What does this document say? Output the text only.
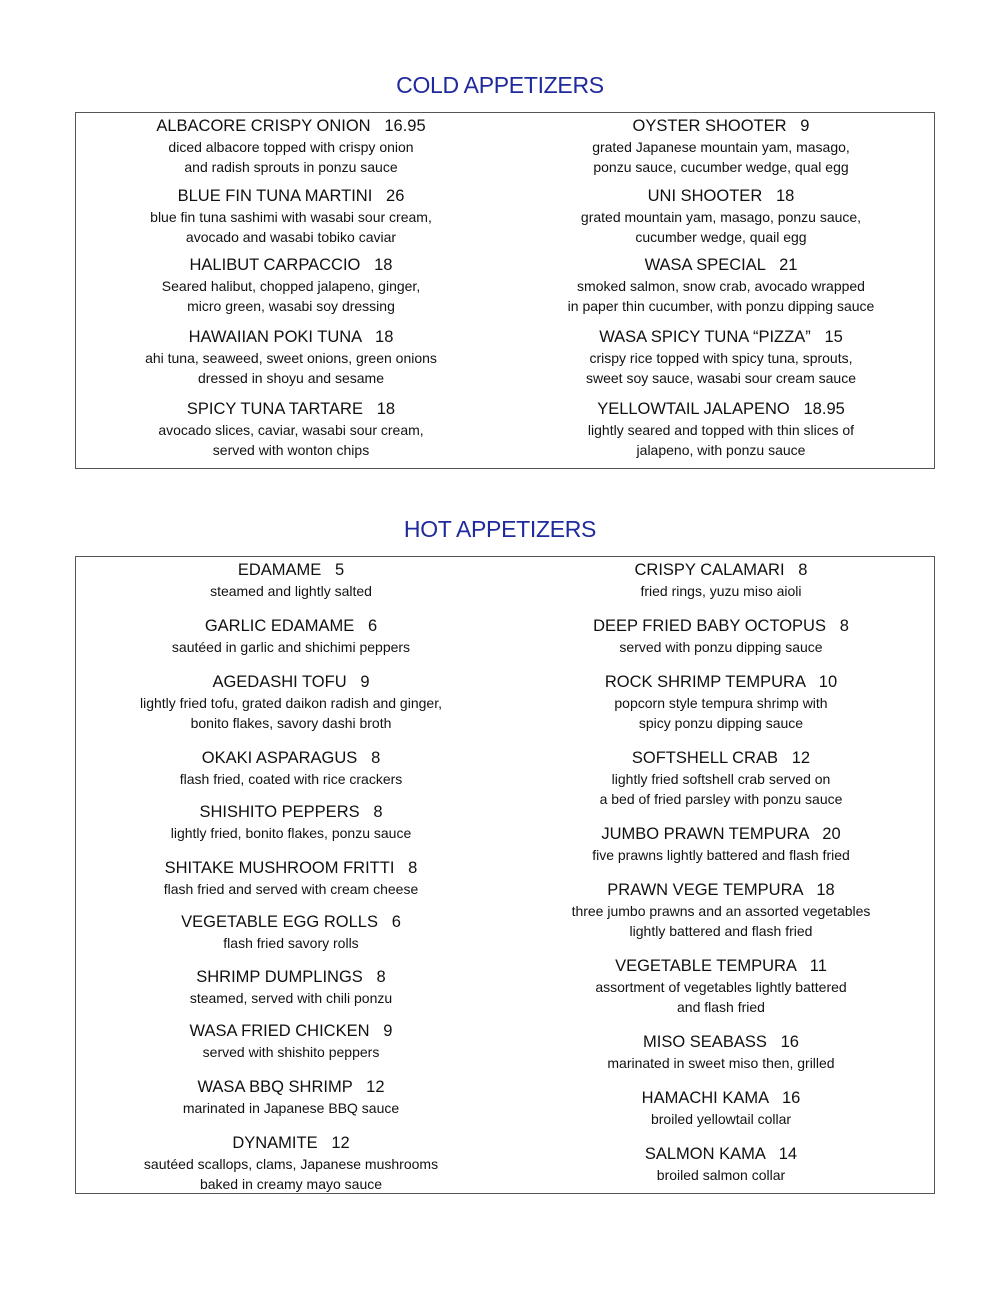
COLD APPETIZERS
ALBACORE CRISPY ONION   16.95
diced albacore topped with crispy onion
and radish sprouts in ponzu sauce
BLUE FIN TUNA MARTINI   26
blue fin tuna sashimi with wasabi sour cream,
avocado and wasabi tobiko caviar
HALIBUT CARPACCIO   18
Seared halibut, chopped jalapeno, ginger,
micro green, wasabi soy dressing
HAWAIIAN POKI TUNA   18
ahi tuna, seaweed, sweet onions, green onions
dressed in shoyu and sesame
SPICY TUNA TARTARE   18
avocado slices, caviar, wasabi sour cream,
served with wonton chips
OYSTER SHOOTER   9
grated Japanese mountain yam, masago,
ponzu sauce, cucumber wedge, qual egg
UNI SHOOTER   18
grated mountain yam, masago, ponzu sauce,
cucumber wedge, quail egg
WASA SPECIAL   21
smoked salmon, snow crab, avocado wrapped
in paper thin cucumber, with ponzu dipping sauce
WASA SPICY TUNA “PIZZA”   15
crispy rice topped with spicy tuna, sprouts,
sweet soy sauce, wasabi sour cream sauce
YELLOWTAIL JALAPENO   18.95
lightly seared and topped with thin slices of
jalapeno, with ponzu sauce
HOT APPETIZERS
EDAMAME   5
steamed and lightly salted
GARLIC EDAMAME   6
sautéed in garlic and shichimi peppers
AGEDASHI TOFU   9
lightly fried tofu, grated daikon radish and ginger,
bonito flakes, savory dashi broth
OKAKI ASPARAGUS   8
flash fried, coated with rice crackers
SHISHITO PEPPERS   8
lightly fried, bonito flakes, ponzu sauce
SHITAKE MUSHROOM FRITTI   8
flash fried and served with cream cheese
VEGETABLE EGG ROLLS   6
flash fried savory rolls
SHRIMP DUMPLINGS   8
steamed, served with chili ponzu
WASA FRIED CHICKEN   9
served with shishito peppers
WASA BBQ SHRIMP   12
marinated in Japanese BBQ sauce
DYNAMITE   12
sautéed scallops, clams, Japanese mushrooms
baked in creamy mayo sauce
CRISPY CALAMARI   8
fried rings, yuzu miso aioli
DEEP FRIED BABY OCTOPUS   8
served with ponzu dipping sauce
ROCK SHRIMP TEMPURA   10
popcorn style tempura shrimp with
spicy ponzu dipping sauce
SOFTSHELL CRAB   12
lightly fried softshell crab served on
a bed of fried parsley with ponzu sauce
JUMBO PRAWN TEMPURA   20
five prawns lightly battered and flash fried
PRAWN VEGE TEMPURA   18
three jumbo prawns and an assorted vegetables
lightly battered and flash fried
VEGETABLE TEMPURA   11
assortment of vegetables lightly battered
and flash fried
MISO SEABASS   16
marinated in sweet miso then, grilled
HAMACHI KAMA   16
broiled yellowtail collar
SALMON KAMA   14
broiled salmon collar
